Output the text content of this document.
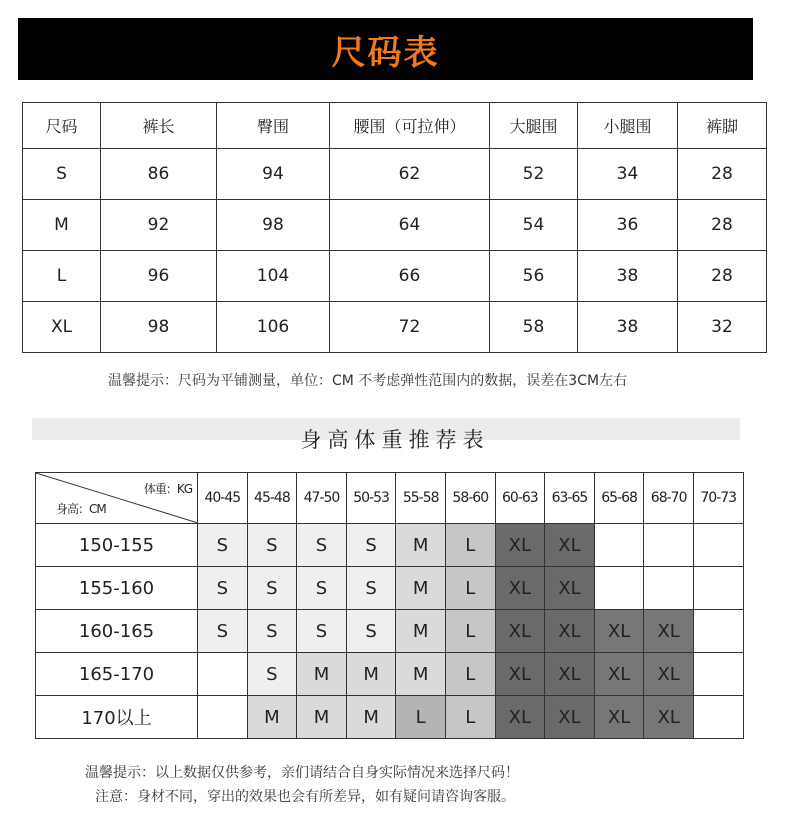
尺码表
尺码	裤长	臀围	腰围（可拉伸）	大腿围	小腿围	裤脚
S	86	94	62	52	34	28
M	92	98	64	54	36	28
L	96	104	66	56	38	28
XL	98	106	72	58	38	32
温馨提示：尺码为平铺测量，单位：CM 不考虑弹性范围内的数据，误差在3CM左右
身高体重推荐表
体重：KG
身高：CM	40-45	45-48	47-50	50-53	55-58	58-60	60-63	63-65	65-68	68-70	70-73
150-155	S	S	S	S	M	L	XL	XL			
155-160	S	S	S	S	M	L	XL	XL			
160-165	S	S	S	S	M	L	XL	XL	XL	XL	
165-170		S	M	M	M	L	XL	XL	XL	XL	
170以上		M	M	M	L	L	XL	XL	XL	XL	
温馨提示：以上数据仅供参考，亲们请结合自身实际情况来选择尺码！
注意：身材不同，穿出的效果也会有所差异，如有疑问请咨询客服。
